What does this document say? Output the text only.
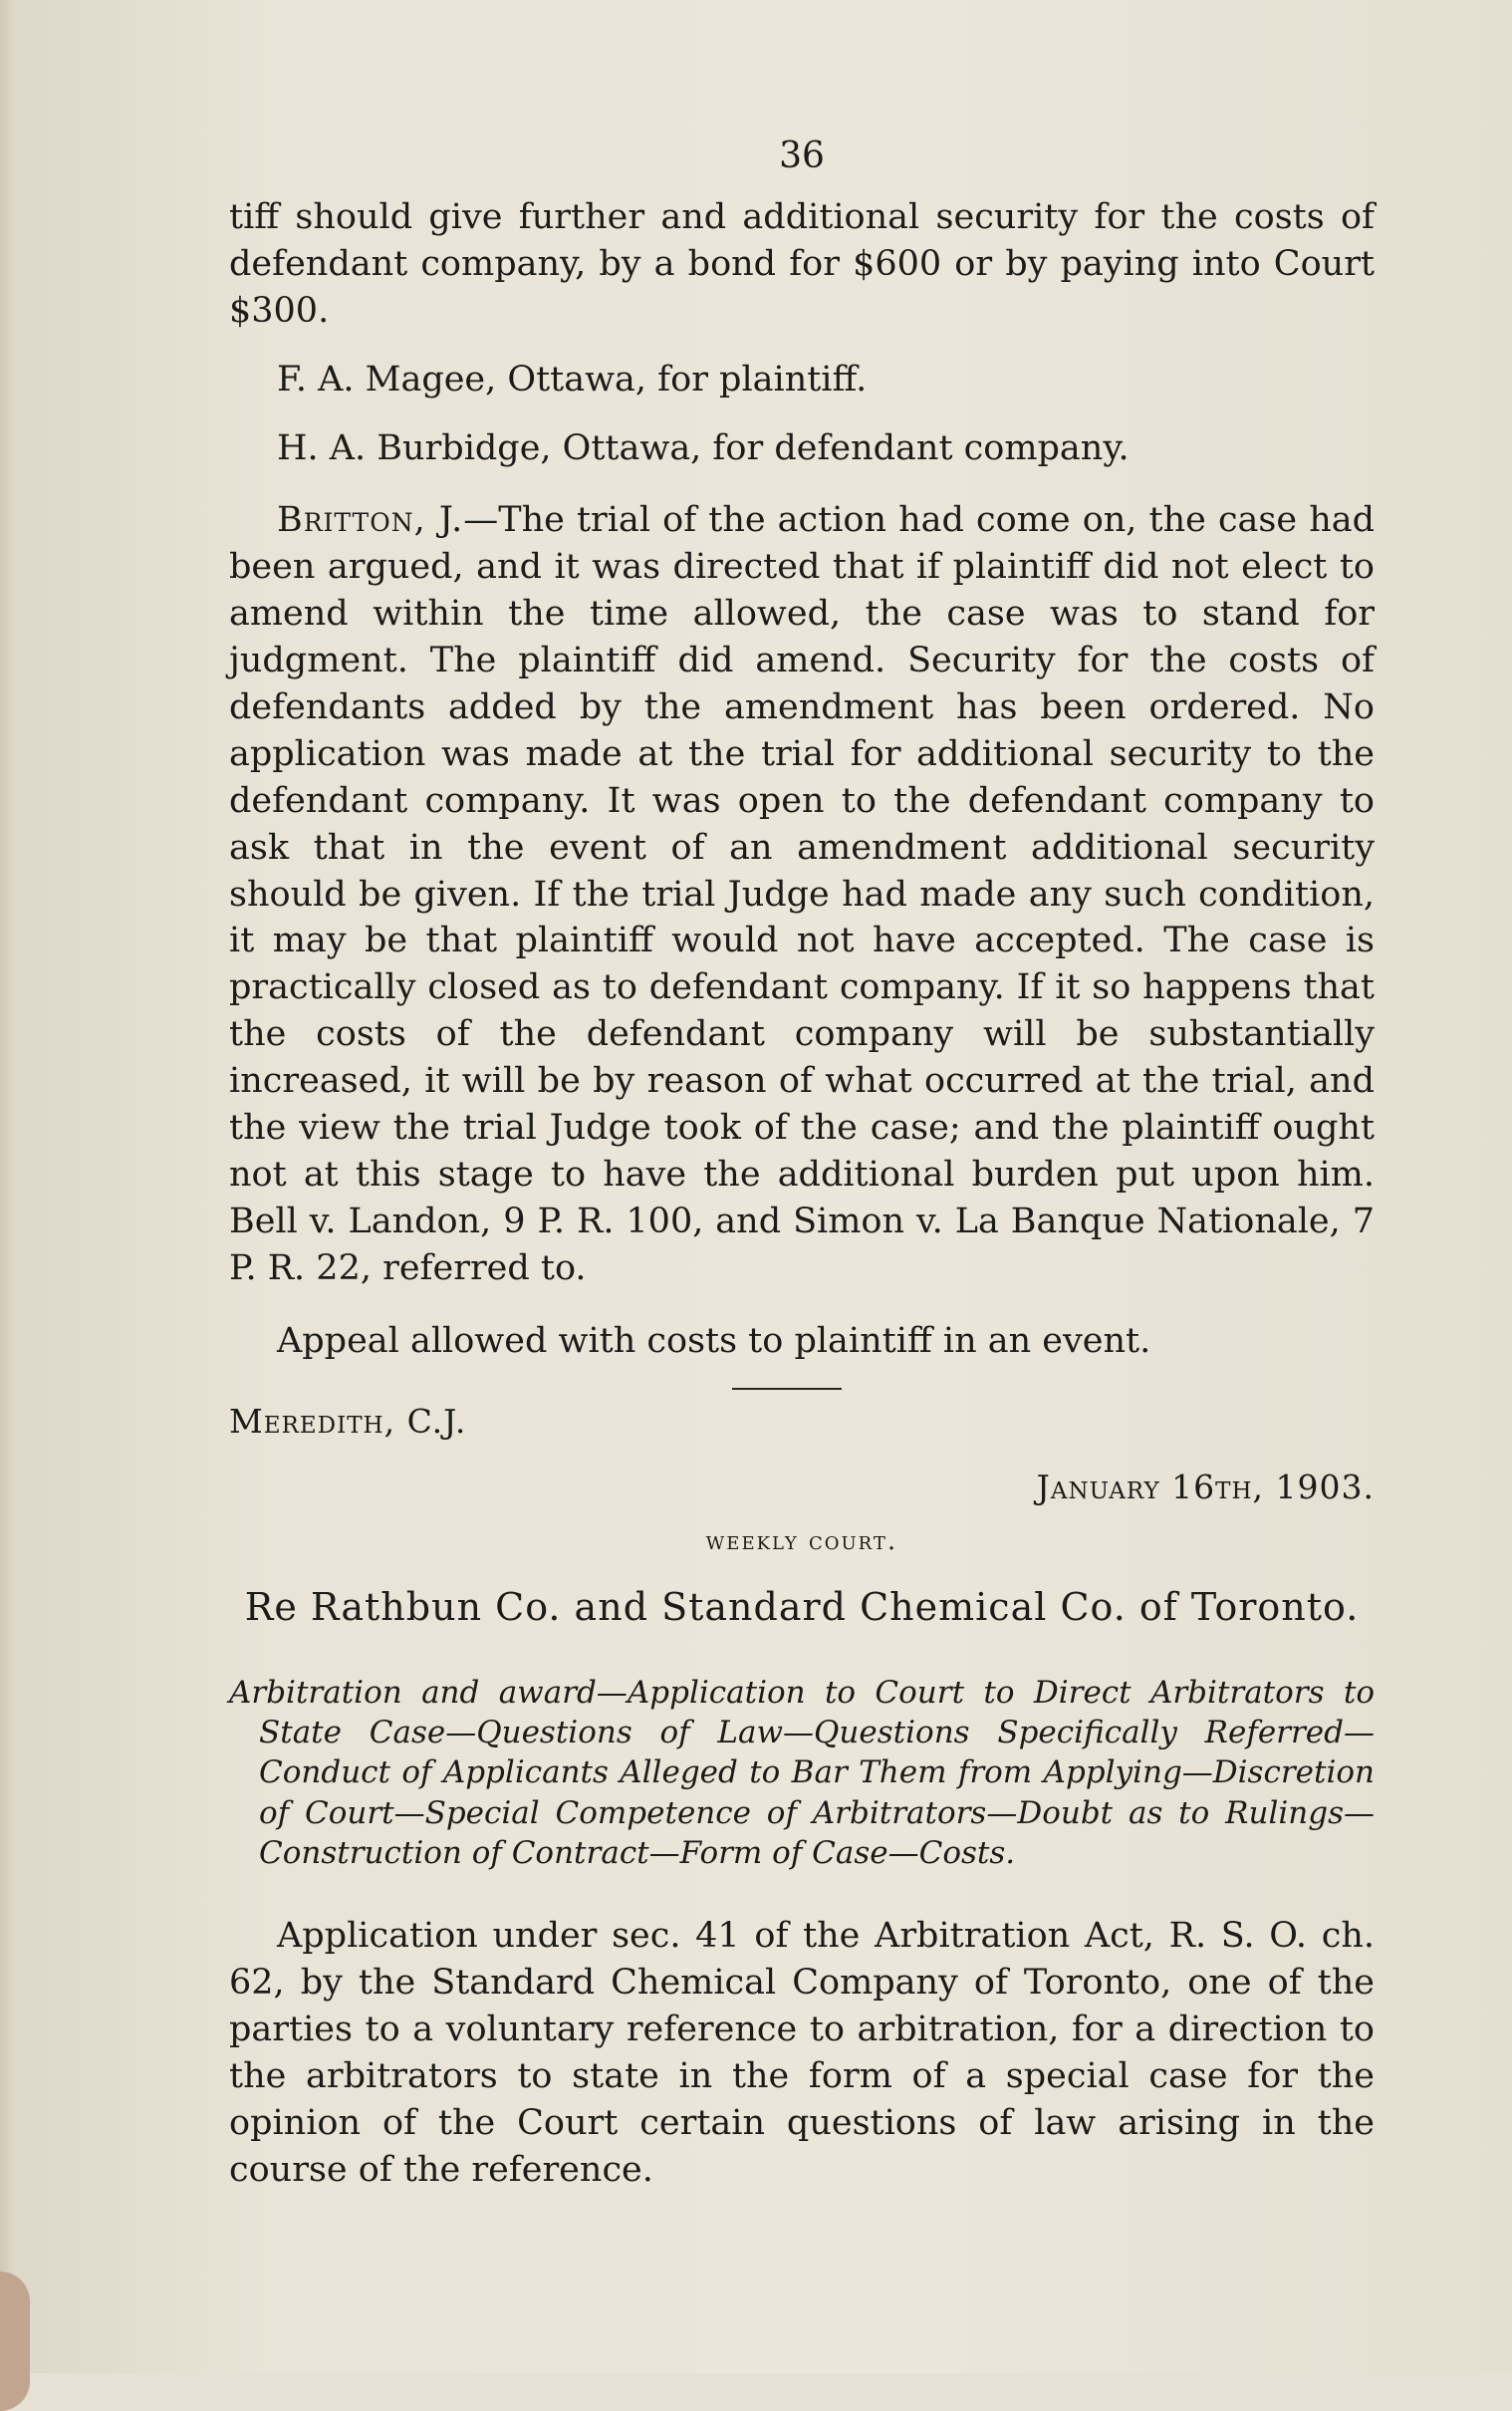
36

tiff should give further and additional security for the costs of defendant company, by a bond for $600 or by paying into Court $300.

F. A. Magee, Ottawa, for plaintiff.

H. A. Burbidge, Ottawa, for defendant company.

Britton, J.—The trial of the action had come on, the case had been argued, and it was directed that if plaintiff did not elect to amend within the time allowed, the case was to stand for judgment. The plaintiff did amend. Security for the costs of defendants added by the amendment has been ordered. No application was made at the trial for additional security to the defendant company. It was open to the defendant company to ask that in the event of an amendment additional security should be given. If the trial Judge had made any such condition, it may be that plaintiff would not have accepted. The case is practically closed as to defendant company. If it so happens that the costs of the defendant company will be substantially increased, it will be by reason of what occurred at the trial, and the view the trial Judge took of the case; and the plaintiff ought not at this stage to have the additional burden put upon him. Bell v. Landon, 9 P. R. 100, and Simon v. La Banque Nationale, 7 P. R. 22, referred to.

Appeal allowed with costs to plaintiff in an event.

Meredith, C.J.
January 16th, 1903.
weekly court.
Re Rathbun Co. and Standard Chemical Co. of Toronto.

Arbitration and award—Application to Court to Direct Arbitrators to State Case—Questions of Law—Questions Specifically Referred—Conduct of Applicants Alleged to Bar Them from Applying—Discretion of Court—Special Competence of Arbitrators—Doubt as to Rulings—Construction of Contract—Form of Case—Costs.

Application under sec. 41 of the Arbitration Act, R. S. O. ch. 62, by the Standard Chemical Company of Toronto, one of the parties to a voluntary reference to arbitration, for a direction to the arbitrators to state in the form of a special case for the opinion of the Court certain questions of law arising in the course of the reference.
